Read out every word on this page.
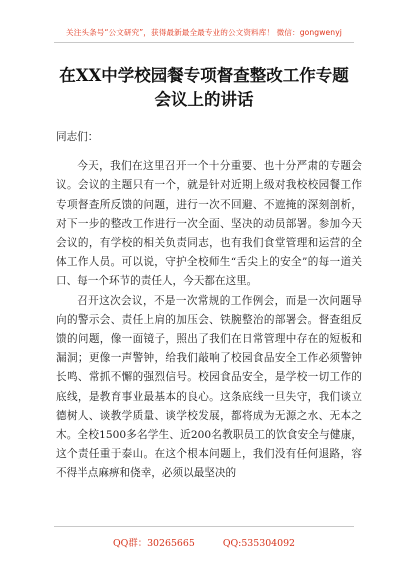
关注头条号“公文研究”，获得最新最全最专业的公文资料库！ 微信：gongwenyj
在XX中学校园餐专项督查整改工作专题
会议上的讲话

同志们：

今天，我们在这里召开一个十分重要、也十分严肃的专题会议。会议的主题只有一个，就是针对近期上级对我校校园餐工作专项督查所反馈的问题，进行一次不回避、不遮掩的深刻剖析，对下一步的整改工作进行一次全面、坚决的动员部署。参加今天会议的，有学校的相关负责同志，也有我们食堂管理和运营的全体工作人员。可以说，守护全校师生“舌尖上的安全”的每一道关口、每一个环节的责任人，今天都在这里。

召开这次会议，不是一次常规的工作例会，而是一次问题导向的警示会、责任上肩的加压会、铁腕整治的部署会。督查组反馈的问题，像一面镜子，照出了我们在日常管理中存在的短板和漏洞；更像一声警钟，给我们敲响了校园食品安全工作必须警钟长鸣、常抓不懈的强烈信号。校园食品安全，是学校一切工作的底线，是教育事业最基本的良心。这条底线一旦失守，我们谈立德树人、谈教学质量、谈学校发展，都将成为无源之水、无本之木。全校1500多名学生、近200名教职员工的饮食安全与健康，这个责任重于泰山。在这个根本问题上，我们没有任何退路，容不得半点麻痹和侥幸，必须以最坚决的

QQ群：30265665	QQ:535304092
